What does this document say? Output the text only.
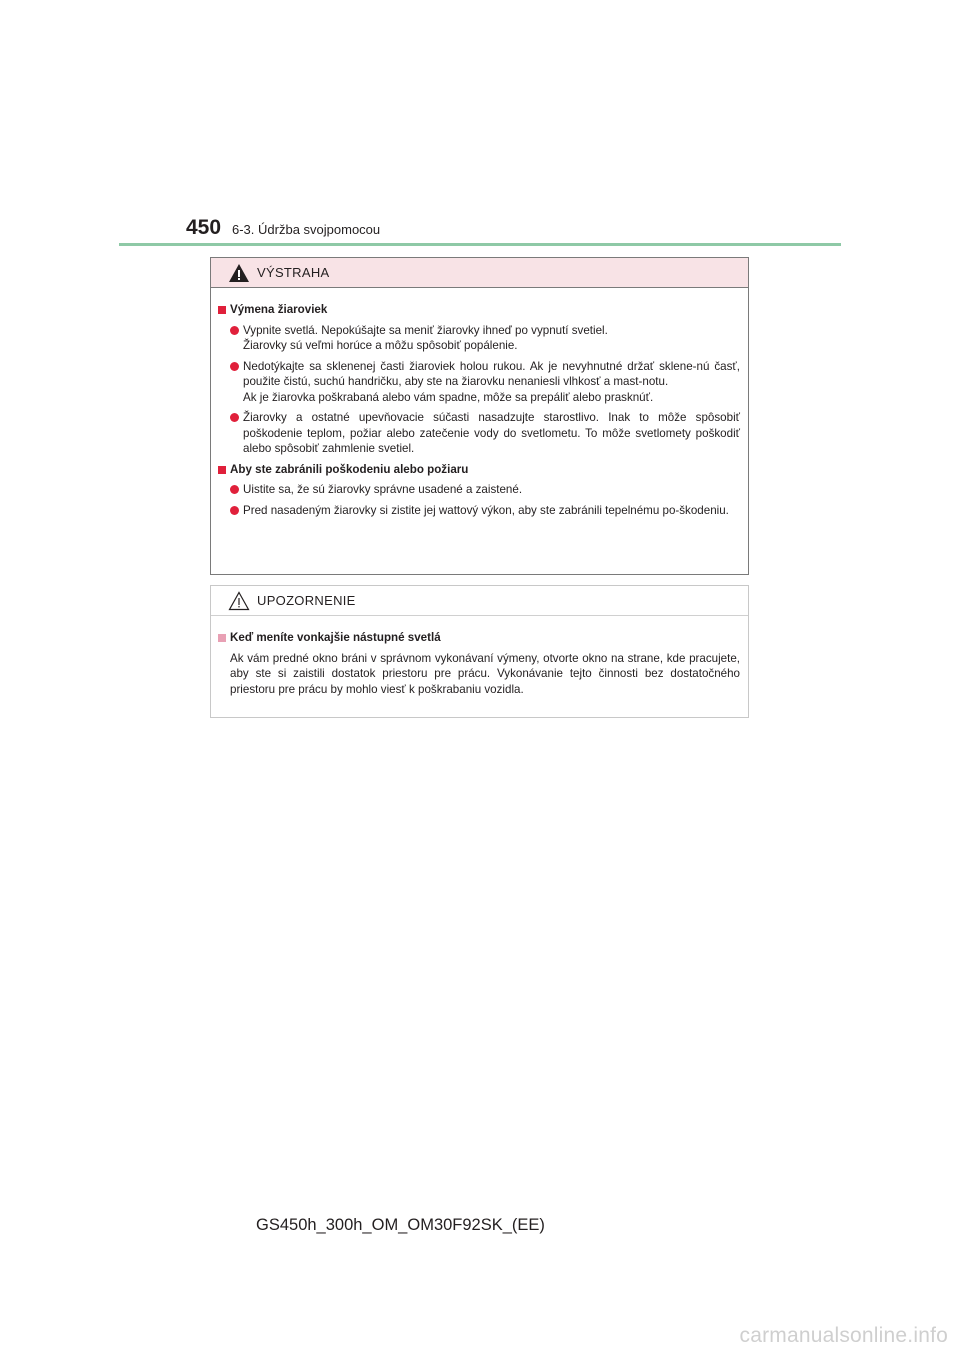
450 6-3. Údržba svojpomocou
VÝSTRAHA
Výmena žiaroviek
Vypnite svetlá. Nepokúšajte sa meniť žiarovky ihneď po vypnutí svetiel.
Žiarovky sú veľmi horúce a môžu spôsobiť popálenie.
Nedotýkajte sa sklenenej časti žiaroviek holou rukou. Ak je nevyhnutné držať sklene-nú časť, použite čistú, suchú handričku, aby ste na žiarovku nenaniesli vlhkosť a mast-notu.
Ak je žiarovka poškrabaná alebo vám spadne, môže sa prepáliť alebo prasknúť.
Žiarovky a ostatné upevňovacie súčasti nasadzujte starostlivo. Inak to môže spôsobiť poškodenie teplom, požiar alebo zatečenie vody do svetlometu. To môže svetlomety poškodiť alebo spôsobiť zahmlenie svetiel.
Aby ste zabránili poškodeniu alebo požiaru
Uistite sa, že sú žiarovky správne usadené a zaistené.
Pred nasadeným žiarovky si zistite jej wattový výkon, aby ste zabránili tepelnému po-škodeniu.
UPOZORNENIE
Keď meníte vonkajšie nástupné svetlá
Ak vám predné okno bráni v správnom vykonávaní výmeny, otvorte okno na strane, kde pracujete, aby ste si zaistili dostatok priestoru pre prácu. Vykonávanie tejto činnosti bez dostatočného priestoru pre prácu by mohlo viesť k poškrabaniu vozidla.
GS450h_300h_OM_OM30F92SK_(EE)
carmanualsonline.info
